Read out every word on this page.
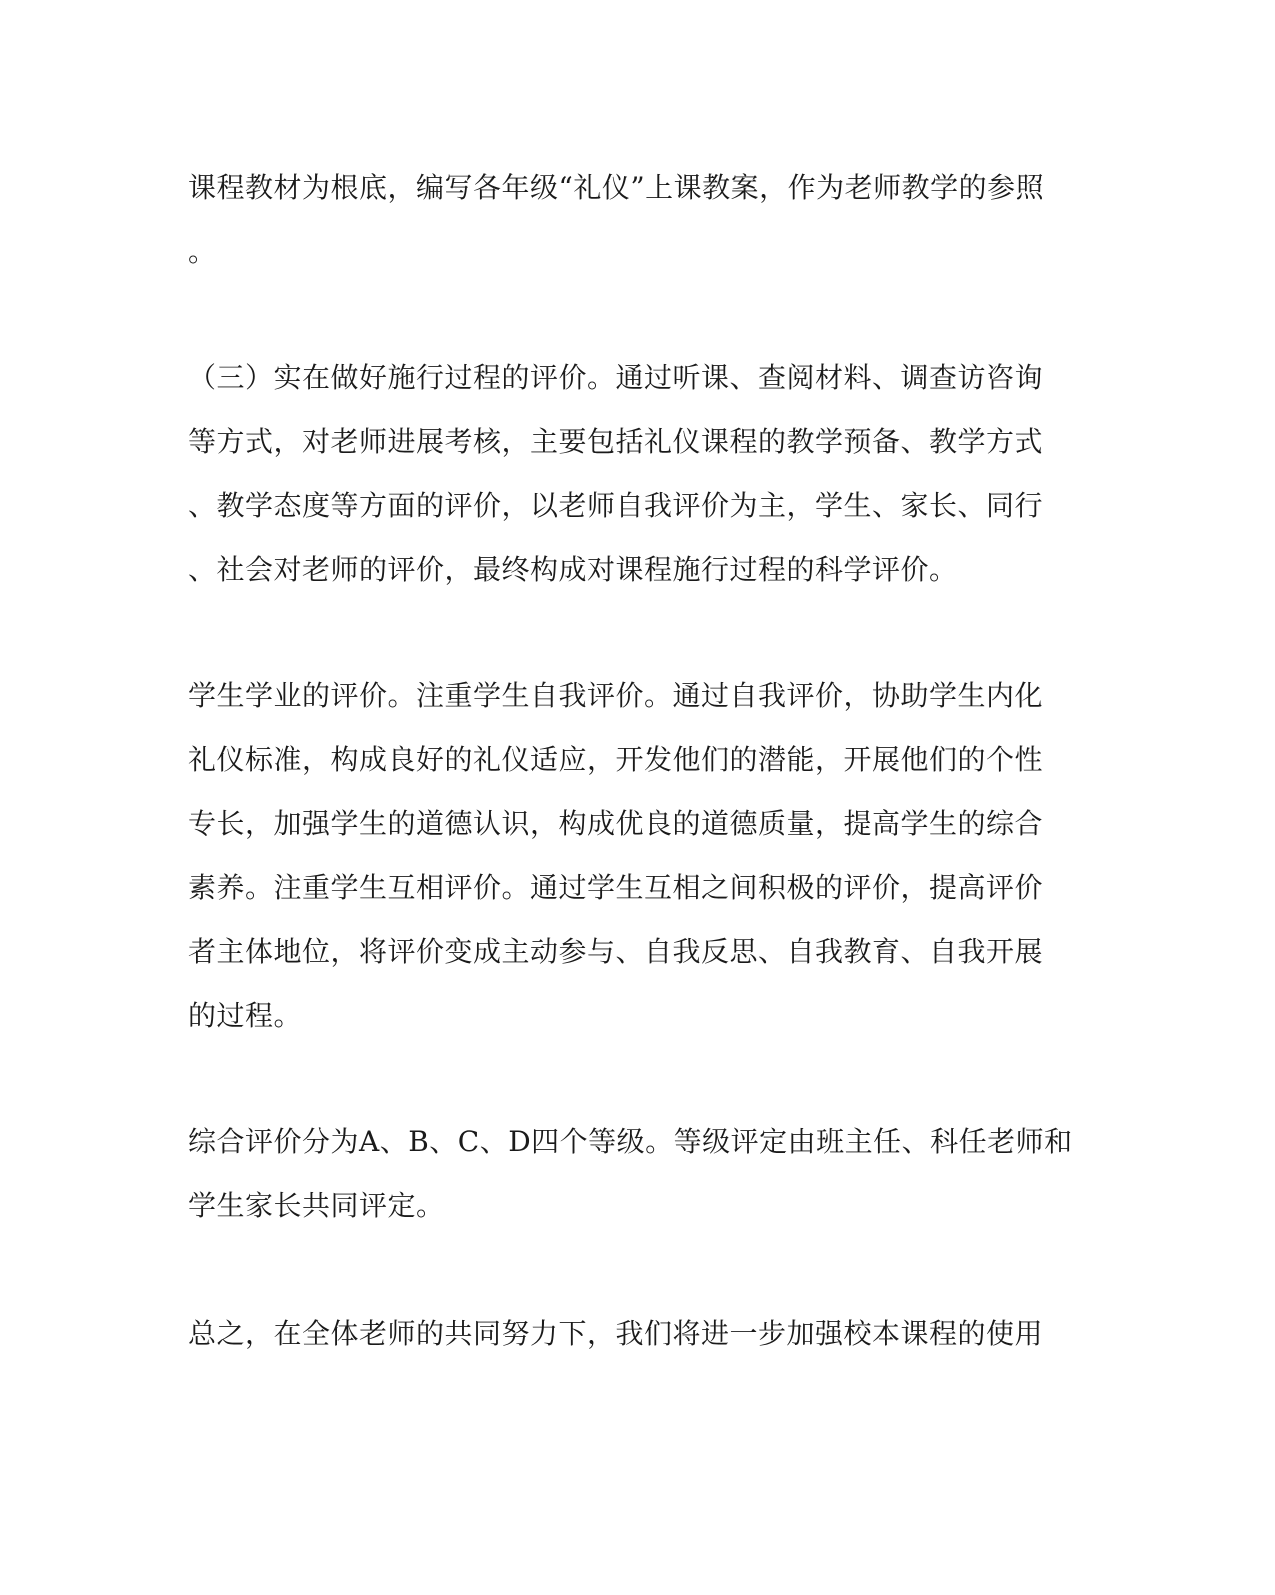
课程教材为根底，编写各年级“礼仪”上课教案，作为老师教学的参照
。
（三）实在做好施行过程的评价。通过听课、查阅材料、调查访咨询
等方式，对老师进展考核，主要包括礼仪课程的教学预备、教学方式
、教学态度等方面的评价，以老师自我评价为主，学生、家长、同行
、社会对老师的评价，最终构成对课程施行过程的科学评价。
学生学业的评价。注重学生自我评价。通过自我评价，协助学生内化
礼仪标准，构成良好的礼仪适应，开发他们的潜能，开展他们的个性
专长，加强学生的道德认识，构成优良的道德质量，提高学生的综合
素养。注重学生互相评价。通过学生互相之间积极的评价，提高评价
者主体地位，将评价变成主动参与、自我反思、自我教育、自我开展
的过程。
综合评价分为A、B、C、D四个等级。等级评定由班主任、科任老师和
学生家长共同评定。
总之，在全体老师的共同努力下，我们将进一步加强校本课程的使用
